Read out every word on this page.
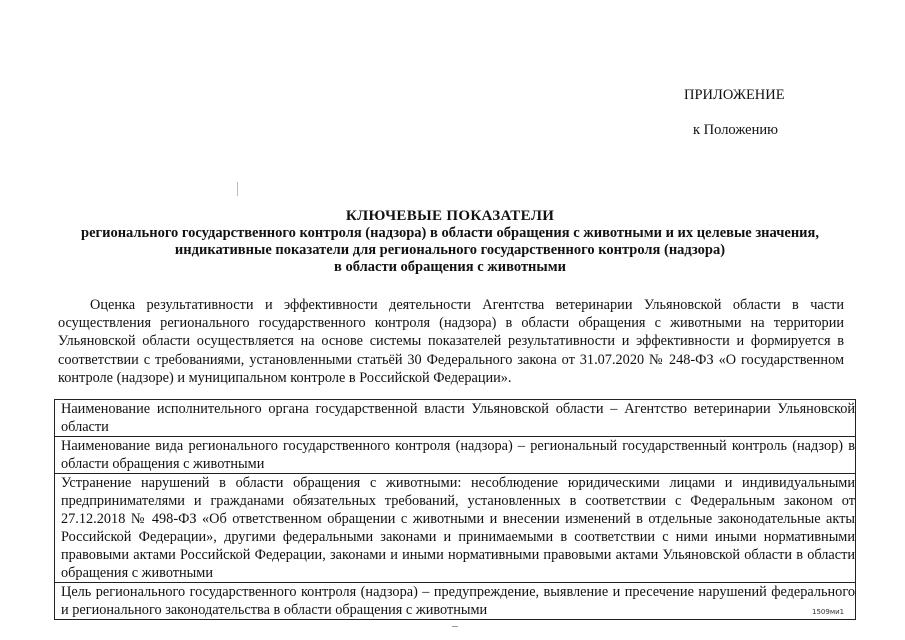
ПРИЛОЖЕНИЕ
к Положению
КЛЮЧЕВЫЕ ПОКАЗАТЕЛИ
регионального государственного контроля (надзора) в области обращения с животными и их целевые значения,
индикативные показатели для регионального государственного контроля (надзора)
в области обращения с животными
Оценка результативности и эффективности деятельности Агентства ветеринарии Ульяновской области в части осуществления регионального государственного контроля (надзора) в области обращения с животными на территории Ульяновской области осуществляется на основе системы показателей результативности и эффективности и формируется в соответствии с требованиями, установленными статьёй 30 Федерального закона от 31.07.2020 № 248-ФЗ «О государственном контроле (надзоре) и муниципальном контроле в Российской Федерации».
Наименование исполнительного органа государственной власти Ульяновской области – Агентство ветеринарии Ульяновской области
Наименование вида регионального государственного контроля (надзора) – региональный государственный контроль (надзор) в области обращения с животными
Устранение нарушений в области обращения с животными: несоблюдение юридическими лицами и индивидуальными предпринимателями и гражданами обязательных требований, установленных в соответствии с Федеральным законом от 27.12.2018 № 498-ФЗ «Об ответственном обращении с животными и внесении изменений в отдельные законодательные акты Российской Федерации», другими федеральными законами и принимаемыми в соответствии с ними иными нормативными правовыми актами Российской Федерации, законами и иными нормативными правовыми актами Ульяновской области в области обращения с животными
Цель регионального государственного контроля (надзора) – предупреждение, выявление и пресечение нарушений федерального и регионального законодательства в области обращения с животными	1509ми1
